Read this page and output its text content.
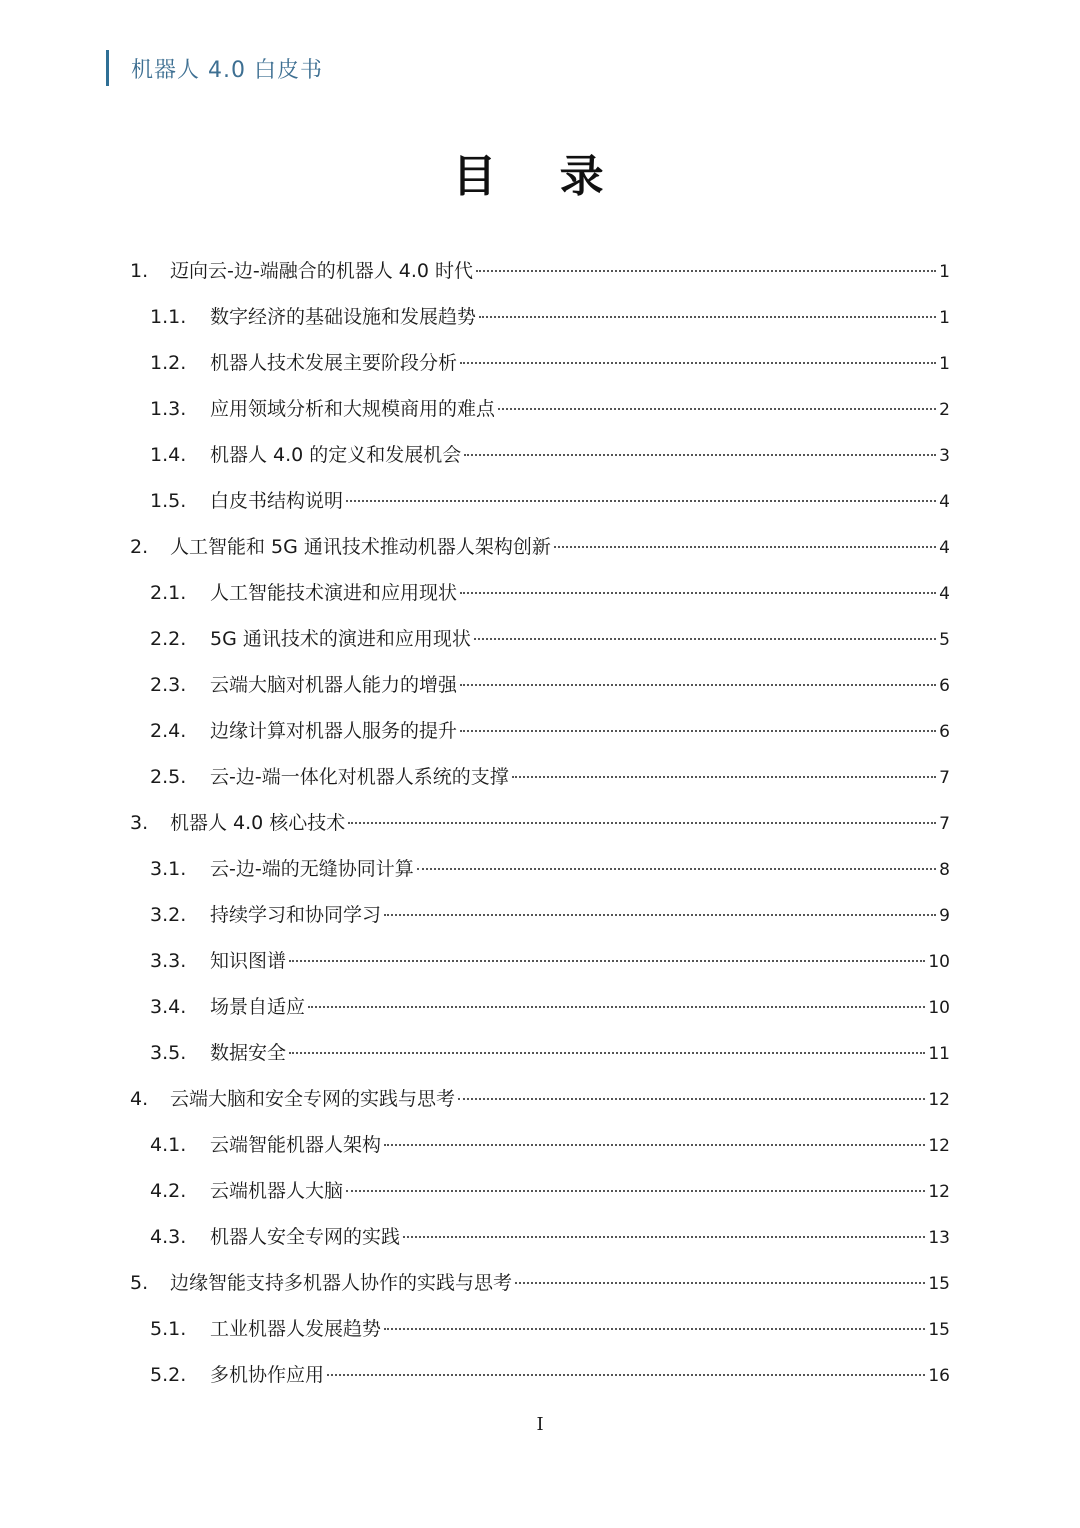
机器人 4.0 白皮书
目 录
1.	迈向云-边-端融合的机器人 4.0 时代	1
1.1.	数字经济的基础设施和发展趋势	1
1.2.	机器人技术发展主要阶段分析	1
1.3.	应用领域分析和大规模商用的难点	2
1.4.	机器人 4.0 的定义和发展机会	3
1.5.	白皮书结构说明	4
2.	人工智能和 5G 通讯技术推动机器人架构创新	4
2.1.	人工智能技术演进和应用现状	4
2.2.	5G 通讯技术的演进和应用现状	5
2.3.	云端大脑对机器人能力的增强	6
2.4.	边缘计算对机器人服务的提升	6
2.5.	云-边-端一体化对机器人系统的支撑	7
3.	机器人 4.0 核心技术	7
3.1.	云-边-端的无缝协同计算	8
3.2.	持续学习和协同学习	9
3.3.	知识图谱	10
3.4.	场景自适应	10
3.5.	数据安全	11
4.	云端大脑和安全专网的实践与思考	12
4.1.	云端智能机器人架构	12
4.2.	云端机器人大脑	12
4.3.	机器人安全专网的实践	13
5.	边缘智能支持多机器人协作的实践与思考	15
5.1.	工业机器人发展趋势	15
5.2.	多机协作应用	16
I
